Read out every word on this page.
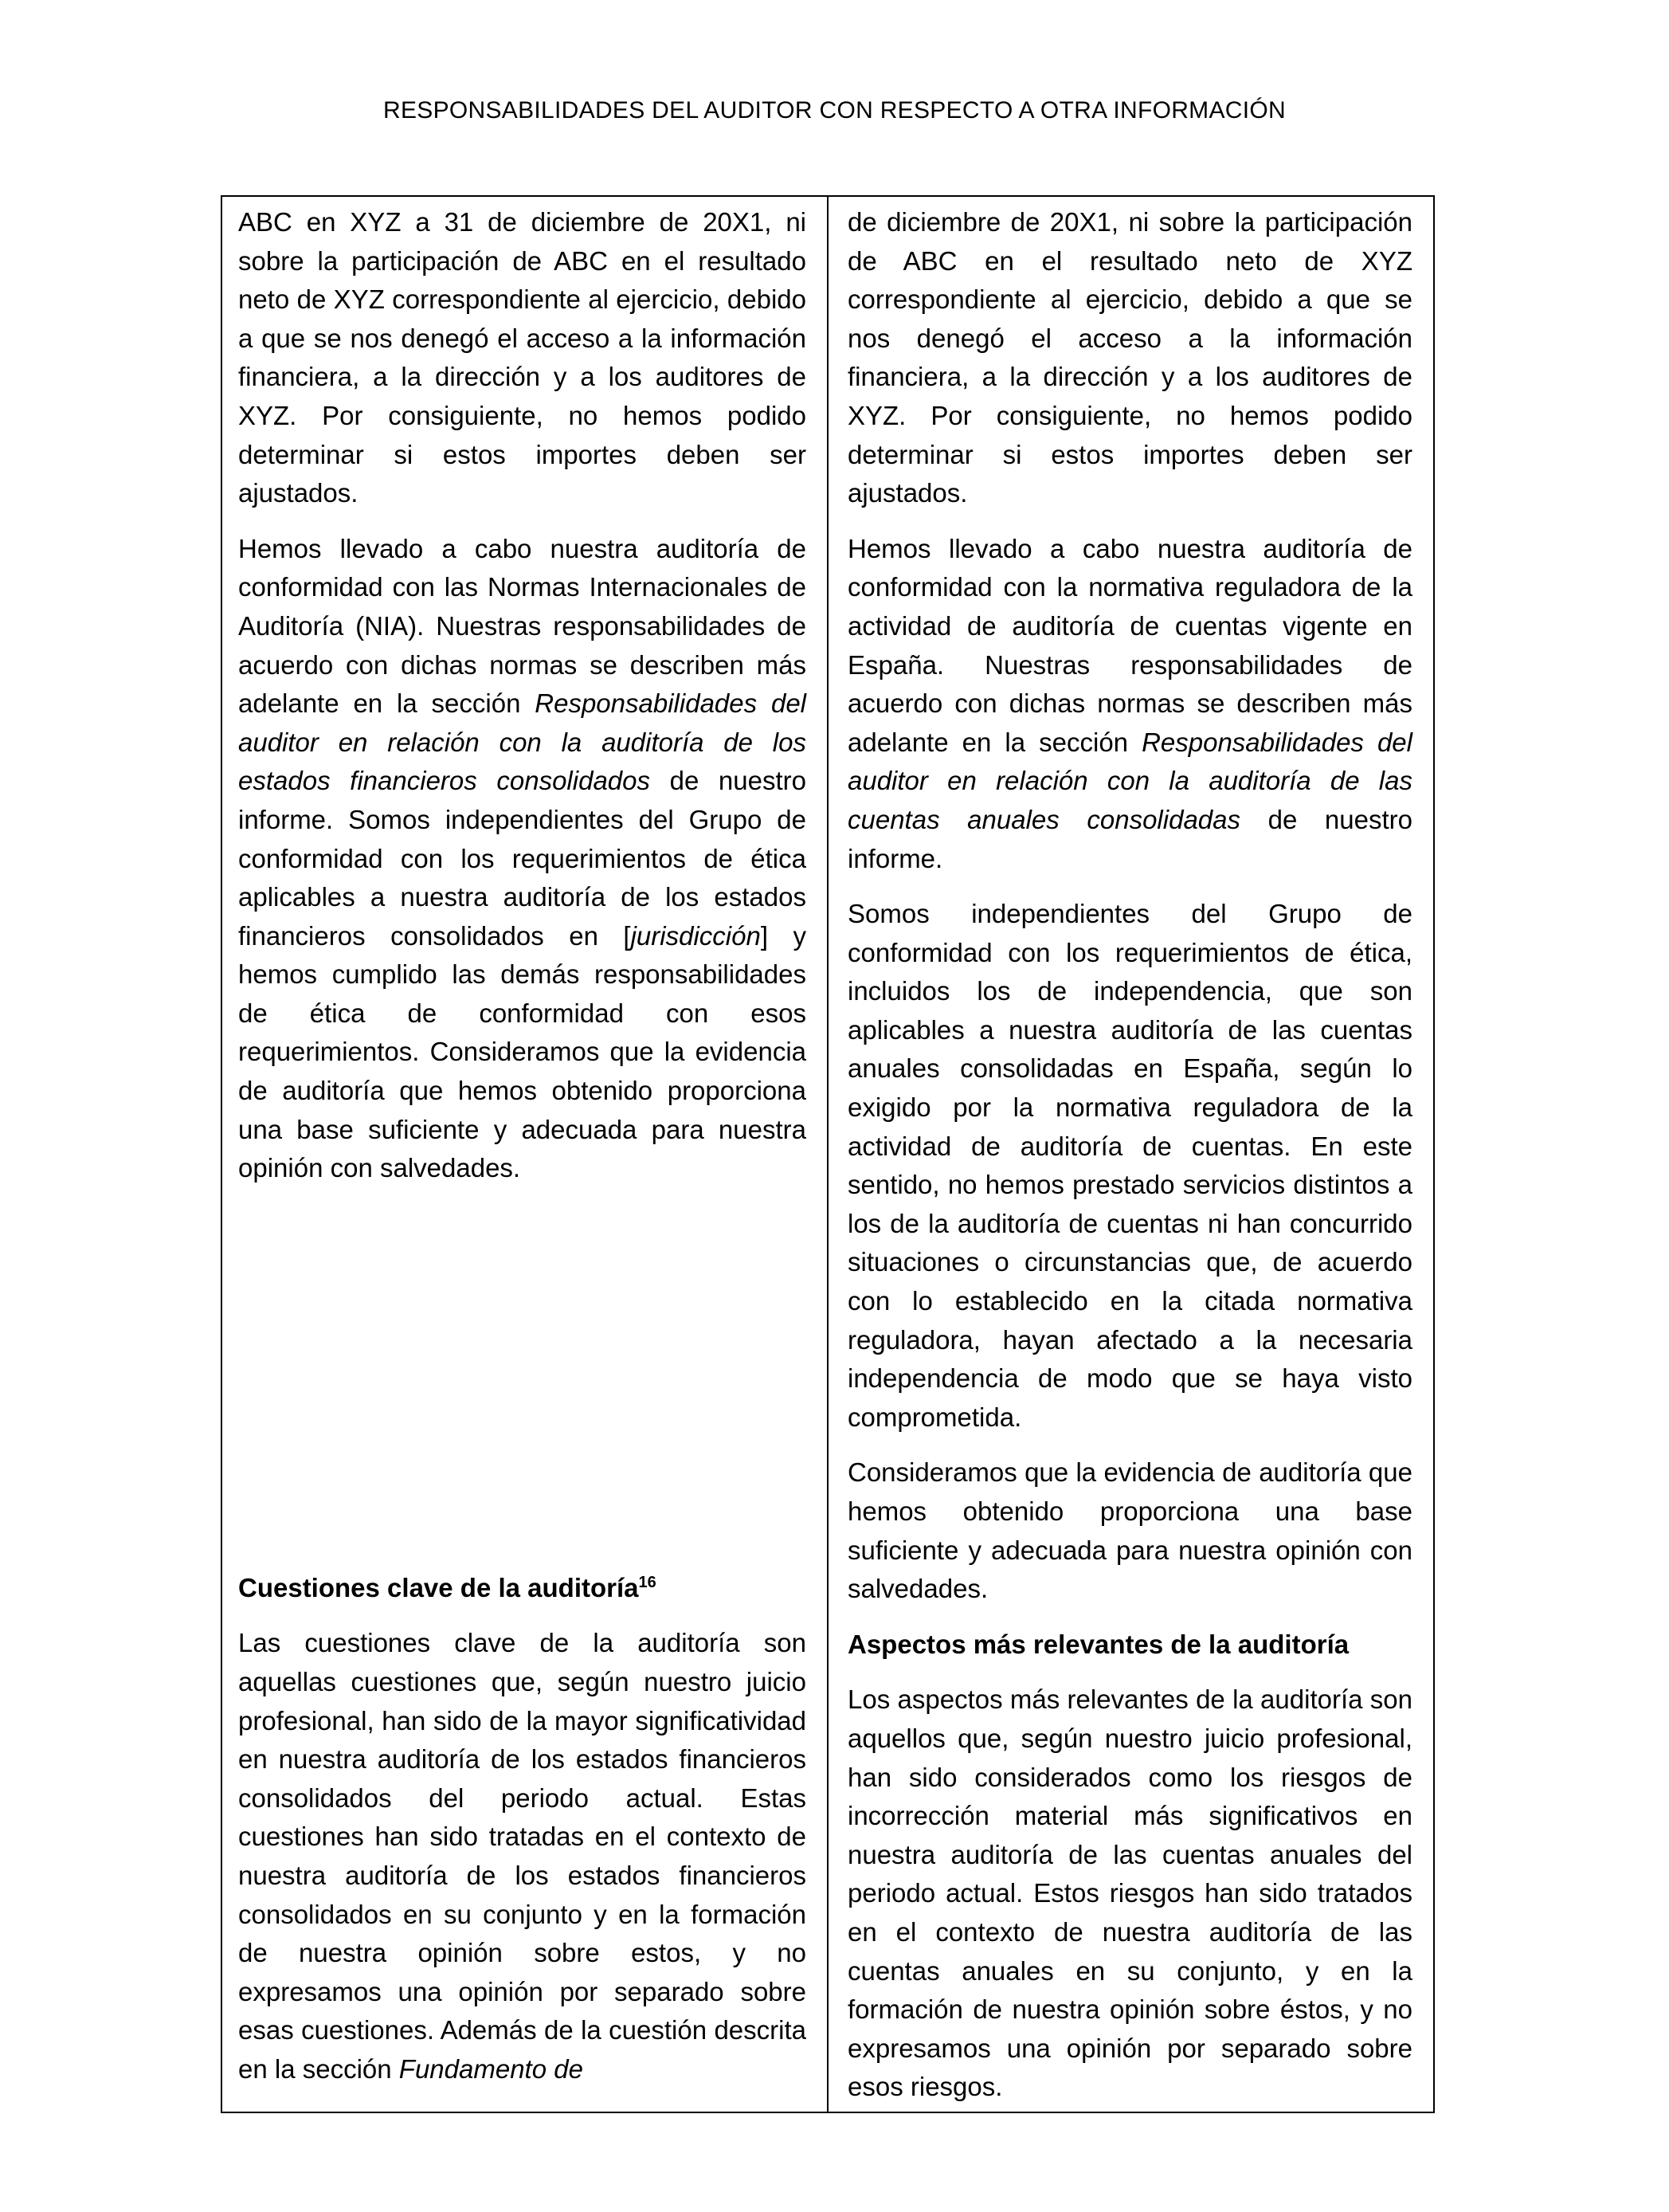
RESPONSABILIDADES DEL AUDITOR CON RESPECTO A OTRA INFORMACIÓN

ABC en XYZ a 31 de diciembre de 20X1, ni sobre la participación de ABC en el resultado neto de XYZ correspondiente al ejercicio, debido a que se nos denegó el acceso a la información financiera, a la dirección y a los auditores de XYZ. Por consiguiente, no hemos podido determinar si estos importes deben ser ajustados.

Hemos llevado a cabo nuestra auditoría de conformidad con las Normas Internacionales de Auditoría (NIA). Nuestras responsabilidades de acuerdo con dichas normas se describen más adelante en la sección Responsabilidades del auditor en relación con la auditoría de los estados financieros consolidados de nuestro informe. Somos independientes del Grupo de conformidad con los requerimientos de ética aplicables a nuestra auditoría de los estados financieros consolidados en [jurisdicción] y hemos cumplido las demás responsabilidades de ética de conformidad con esos requerimientos. Consideramos que la evidencia de auditoría que hemos obtenido proporciona una base suficiente y adecuada para nuestra opinión con salvedades.

Cuestiones clave de la auditoría$^{16}$

Las cuestiones clave de la auditoría son aquellas cuestiones que, según nuestro juicio profesional, han sido de la mayor significatividad en nuestra auditoría de los estados financieros consolidados del periodo actual. Estas cuestiones han sido tratadas en el contexto de nuestra auditoría de los estados financieros consolidados en su conjunto y en la formación de nuestra opinión sobre estos, y no expresamos una opinión por separado sobre esas cuestiones. Además de la cuestión descrita en la sección Fundamento de

de diciembre de 20X1, ni sobre la participación de ABC en el resultado neto de XYZ correspondiente al ejercicio, debido a que se nos denegó el acceso a la información financiera, a la dirección y a los auditores de XYZ. Por consiguiente, no hemos podido determinar si estos importes deben ser ajustados.

Hemos llevado a cabo nuestra auditoría de conformidad con la normativa reguladora de la actividad de auditoría de cuentas vigente en España. Nuestras responsabilidades de acuerdo con dichas normas se describen más adelante en la sección Responsabilidades del auditor en relación con la auditoría de las cuentas anuales consolidadas de nuestro informe.

Somos independientes del Grupo de conformidad con los requerimientos de ética, incluidos los de independencia, que son aplicables a nuestra auditoría de las cuentas anuales consolidadas en España, según lo exigido por la normativa reguladora de la actividad de auditoría de cuentas. En este sentido, no hemos prestado servicios distintos a los de la auditoría de cuentas ni han concurrido situaciones o circunstancias que, de acuerdo con lo establecido en la citada normativa reguladora, hayan afectado a la necesaria independencia de modo que se haya visto comprometida.

Consideramos que la evidencia de auditoría que hemos obtenido proporciona una base suficiente y adecuada para nuestra opinión con salvedades.

Aspectos más relevantes de la auditoría

Los aspectos más relevantes de la auditoría son aquellos que, según nuestro juicio profesional, han sido considerados como los riesgos de incorrección material más significativos en nuestra auditoría de las cuentas anuales del periodo actual. Estos riesgos han sido tratados en el contexto de nuestra auditoría de las cuentas anuales en su conjunto, y en la formación de nuestra opinión sobre éstos, y no expresamos una opinión por separado sobre esos riesgos.
